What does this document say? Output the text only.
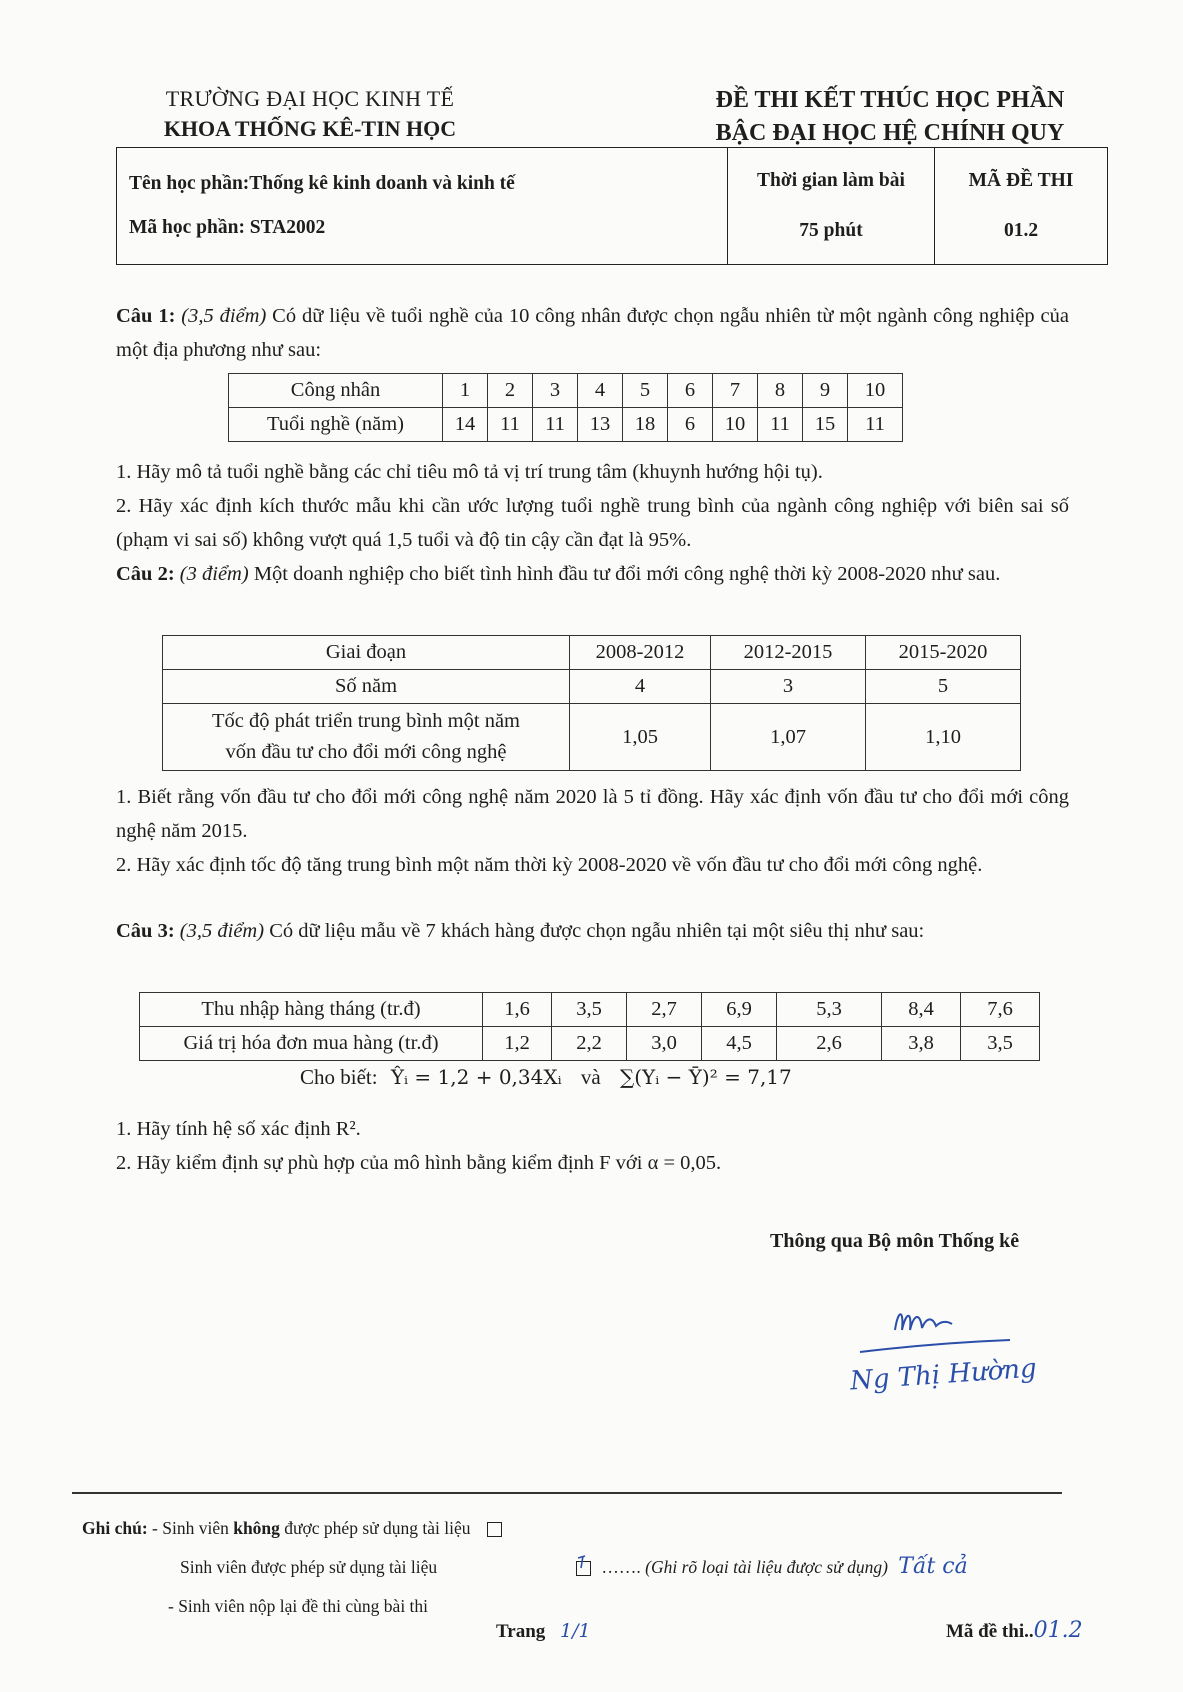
TRƯỜNG ĐẠI HỌC KINH TẾ
KHOA THỐNG KÊ-TIN HỌC
ĐỀ THI KẾT THÚC HỌC PHẦN
BẬC ĐẠI HỌC HỆ CHÍNH QUY
Tên học phần:Thống kê kinh doanh và kinh tế
Mã học phần: STA2002

Thời gian làm bài
75 phút

MÃ ĐỀ THI
01.2
Câu 1: (3,5 điểm) Có dữ liệu về tuổi nghề của 10 công nhân được chọn ngẫu nhiên từ một ngành công nghiệp của một địa phương như sau:
Công nhân	1	2	3	4	5	6	7	8	9	10
Tuổi nghề (năm)	14	11	11	13	18	6	10	11	15	11
1. Hãy mô tả tuổi nghề bằng các chỉ tiêu mô tả vị trí trung tâm (khuynh hướng hội tụ).
2. Hãy xác định kích thước mẫu khi cần ước lượng tuổi nghề trung bình của ngành công nghiệp với biên sai số (phạm vi sai số) không vượt quá 1,5 tuổi và độ tin cậy cần đạt là 95%.
Câu 2: (3 điểm) Một doanh nghiệp cho biết tình hình đầu tư đổi mới công nghệ thời kỳ 2008-2020 như sau.
Giai đoạn	2008-2012	2012-2015	2015-2020
Số năm	4	3	5

Tốc độ phát triển trung bình một năm
vốn đầu tư cho đổi mới công nghệ	1,05	1,07	1,10
1. Biết rằng vốn đầu tư cho đổi mới công nghệ năm 2020 là 5 tỉ đồng. Hãy xác định vốn đầu tư cho đổi mới công nghệ năm 2015.
2. Hãy xác định tốc độ tăng trung bình một năm thời kỳ 2008-2020 về vốn đầu tư cho đổi mới công nghệ.
Câu 3: (3,5 điểm) Có dữ liệu mẫu về 7 khách hàng được chọn ngẫu nhiên tại một siêu thị như sau:
Thu nhập hàng tháng (tr.đ)	1,6	3,5	2,7	6,9	5,3	8,4	7,6
Giá trị hóa đơn mua hàng (tr.đ)	1,2	2,2	3,0	4,5	2,6	3,8	3,5
Cho biết: Ŷᵢ = 1,2 + 0,34Xᵢ và ∑(Yᵢ − Ȳ)² = 7,17
1. Hãy tính hệ số xác định R².
2. Hãy kiểm định sự phù hợp của mô hình bằng kiểm định F với α = 0,05.
Thông qua Bộ môn Thống kê
Ng Thị Hường
Ghi chú: - Sinh viên không được phép sử dụng tài liệu
Sinh viên được phép sử dụng tài liệu	……. (Ghi rõ loại tài liệu được sử dụng) Tất cả
- Sinh viên nộp lại đề thi cùng bài thi
Trang 1/1	Mã đề thi..01.2
